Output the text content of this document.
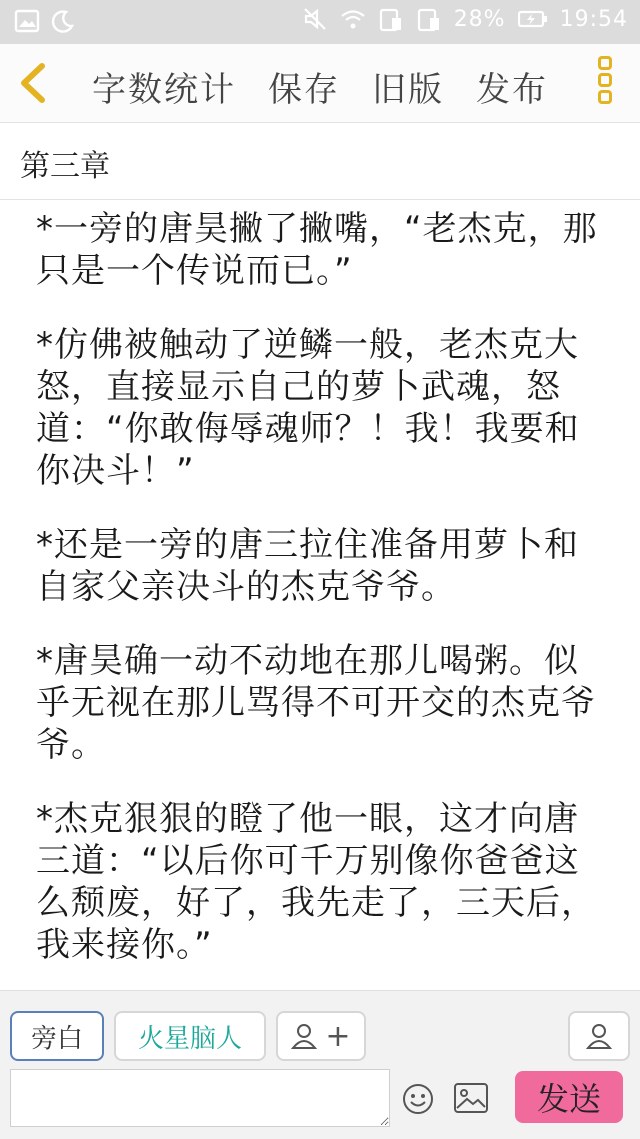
28% 19:54
字数统计 保存 旧版 发布
第三章

*一旁的唐昊撇了撇嘴，“老杰克，那只是一个传说而已。”

*仿佛被触动了逆鳞一般，老杰克大怒，直接显示自己的萝卜武魂，怒道：“你敢侮辱魂师？！我！我要和你决斗！”

*还是一旁的唐三拉住准备用萝卜和自家父亲决斗的杰克爷爷。

*唐昊确一动不动地在那儿喝粥。似乎无视在那儿骂得不可开交的杰克爷爷。

*杰克狠狠的瞪了他一眼，这才向唐三道：“以后你可千万别像你爸爸这么颓废，好了，我先走了，三天后，我来接你。”

旁白	火星脑人	+
发送
